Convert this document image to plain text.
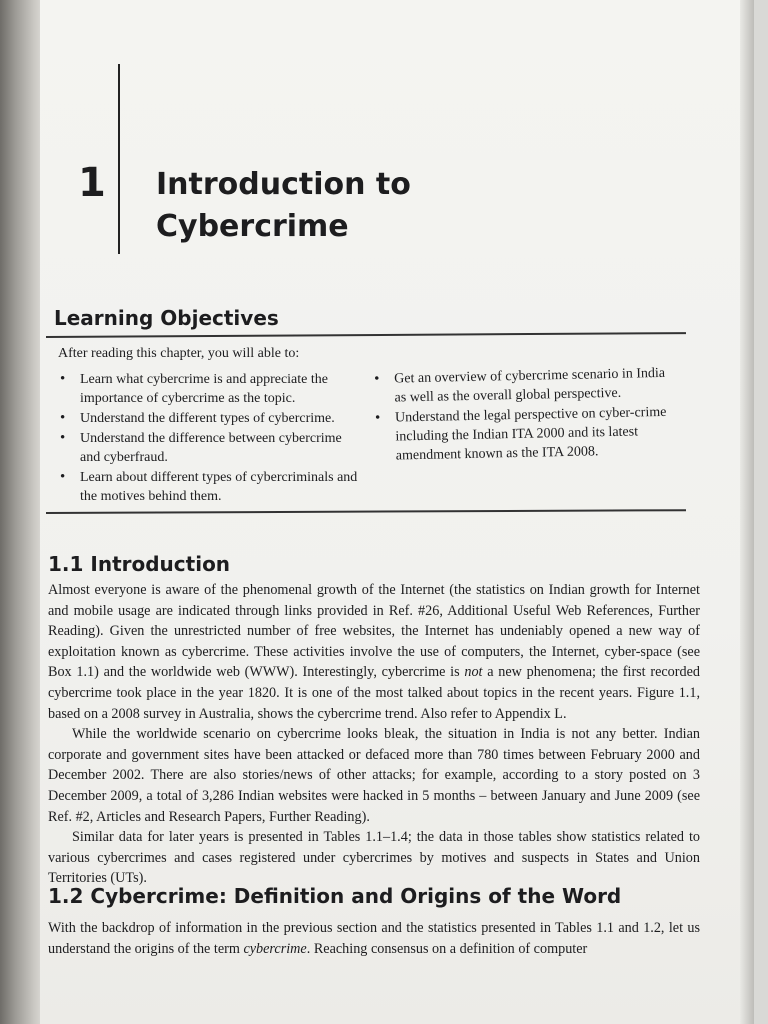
1 Introduction to
Cybercrime
Learning Objectives

After reading this chapter, you will able to:

• Learn what cybercrime is and appreciate the importance of cybercrime as the topic.
• Understand the different types of cybercrime.
• Understand the difference between cybercrime and cyberfraud.
• Learn about different types of cybercriminals and the motives behind them.
• Get an overview of cybercrime scenario in India as well as the overall global perspective.
• Understand the legal perspective on cyber-crime including the Indian ITA 2000 and its latest amendment known as the ITA 2008.
1.1 Introduction

Almost everyone is aware of the phenomenal growth of the Internet (the statistics on Indian growth for Internet and mobile usage are indicated through links provided in Ref. #26, Additional Useful Web References, Further Reading). Given the unrestricted number of free websites, the Internet has undeniably opened a new way of exploitation known as cybercrime. These activities involve the use of computers, the Internet, cyber-space (see Box 1.1) and the worldwide web (WWW). Interestingly, cybercrime is not a new phenomena; the first recorded cybercrime took place in the year 1820. It is one of the most talked about topics in the recent years. Figure 1.1, based on a 2008 survey in Australia, shows the cybercrime trend. Also refer to Appendix L.

While the worldwide scenario on cybercrime looks bleak, the situation in India is not any better. Indian corporate and government sites have been attacked or defaced more than 780 times between February 2000 and December 2002. There are also stories/news of other attacks; for example, according to a story posted on 3 December 2009, a total of 3,286 Indian websites were hacked in 5 months – between January and June 2009 (see Ref. #2, Articles and Research Papers, Further Reading).

Similar data for later years is presented in Tables 1.1–1.4; the data in those tables show statistics related to various cybercrimes and cases registered under cybercrimes by motives and suspects in States and Union Territories (UTs).

1.2 Cybercrime: Definition and Origins of the Word

With the backdrop of information in the previous section and the statistics presented in Tables 1.1 and 1.2, let us understand the origins of the term cybercrime. Reaching consensus on a definition of computer
